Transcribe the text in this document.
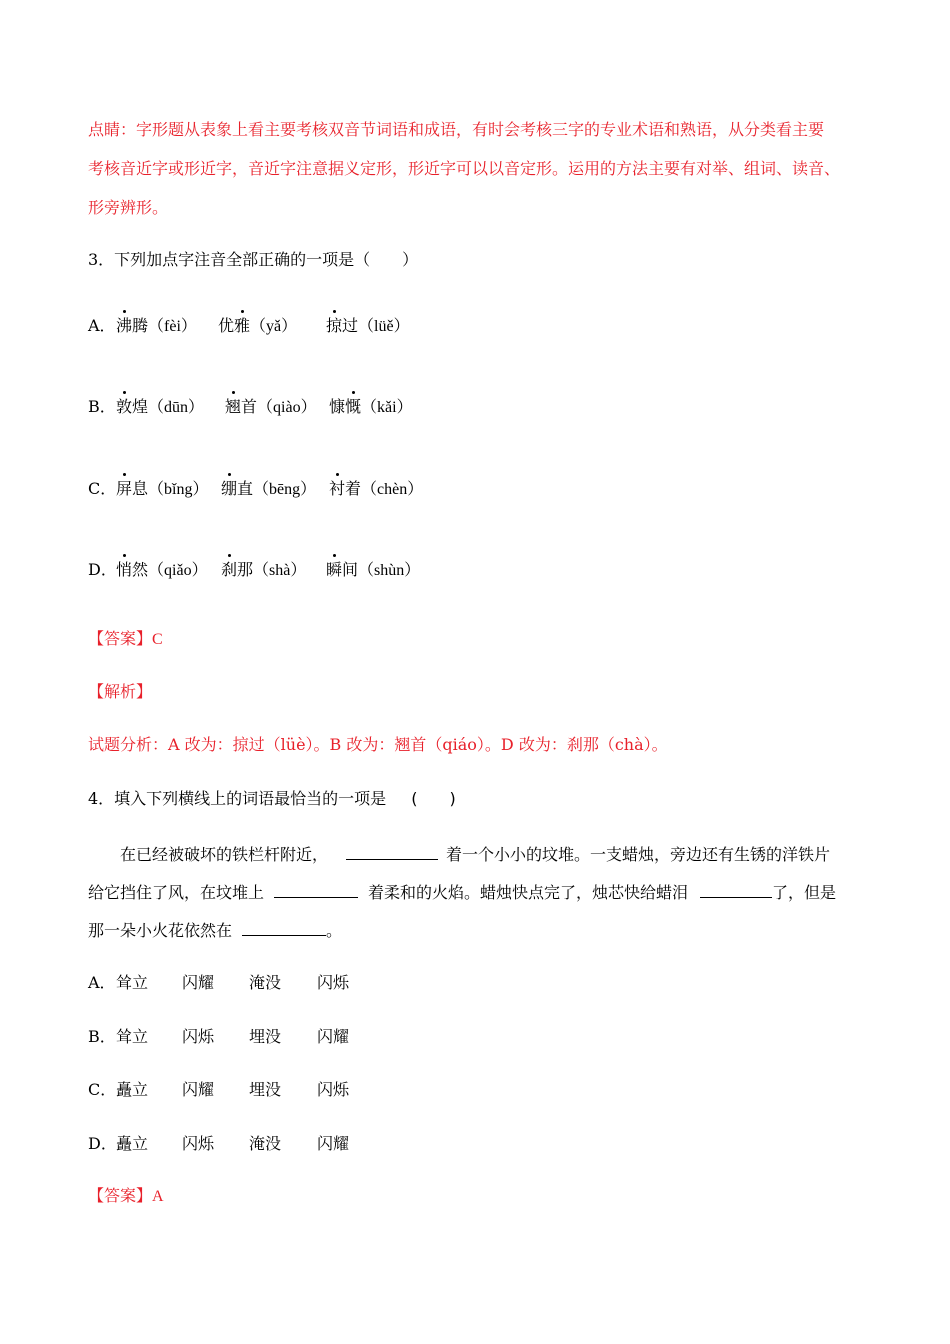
点睛：字形题从表象上看主要考核双音节词语和成语，有时会考核三字的专业术语和熟语，从分类看主要
考核音近字或形近字，音近字注意据义定形，形近字可以以音定形。运用的方法主要有对举、组词、读音、
形旁辨形。
3．下列加点字注音全部正确的一项是（　　）
A． 沸腾（fèi） 优雅（yǎ） 掠过（lüě）
B． 敦煌（dūn） 翘首（qiào） 慷慨（kǎi）
C． 屏息（bǐng） 绷直（bēng） 衬着（chèn）
D． 悄然（qiǎo） 刹那（shà） 瞬间（shùn）
【答案】C
【解析】
试题分析：A 改为：掠过（lüè）。B 改为：翘首（qiáo）。D 改为：刹那（chà）。
4．填入下列横线上的词语最恰当的一项是 (　　)
在已经被破坏的铁栏杆附近，	着一个小小的坟堆。一支蜡烛，旁边还有生锈的洋铁片
给它挡住了风，在坟堆上	着柔和的火焰。蜡烛快点完了，烛芯快给蜡泪	了，但是
那一朵小火花依然在	。
A． 耸立 闪耀 淹没 闪烁
B． 耸立 闪烁 埋没 闪耀
C． 矗立 闪耀 埋没 闪烁
D． 矗立 闪烁 淹没 闪耀
【答案】A
